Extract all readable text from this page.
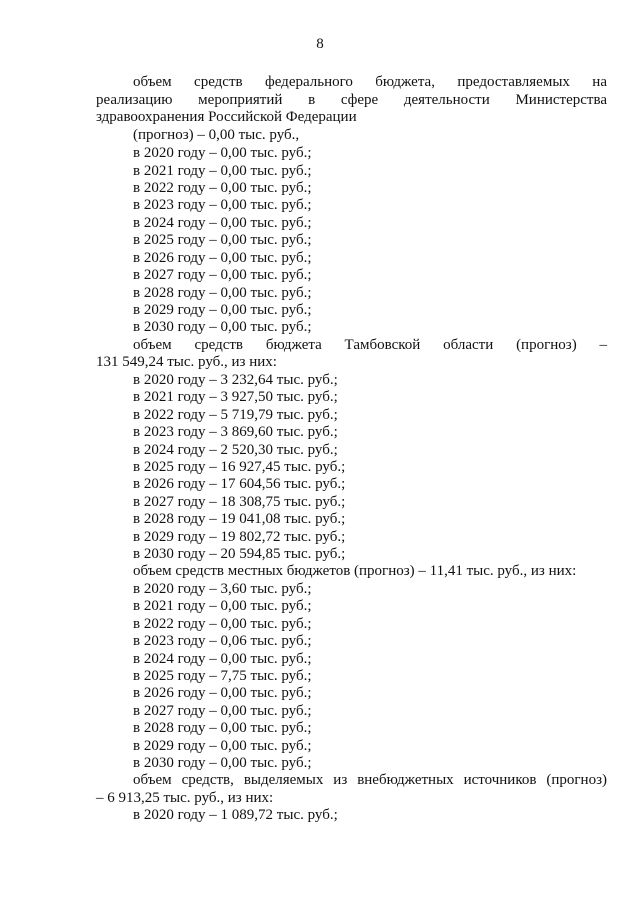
8
объем средств федерального бюджета, предоставляемых на
реализацию мероприятий в сфере деятельности Министерства
здравоохранения Российской Федерации
(прогноз) – 0,00 тыс. руб.,
в 2020 году – 0,00 тыс. руб.;
в 2021 году – 0,00 тыс. руб.;
в 2022 году – 0,00 тыс. руб.;
в 2023 году – 0,00 тыс. руб.;
в 2024 году – 0,00 тыс. руб.;
в 2025 году – 0,00 тыс. руб.;
в 2026 году – 0,00 тыс. руб.;
в 2027 году – 0,00 тыс. руб.;
в 2028 году – 0,00 тыс. руб.;
в 2029 году – 0,00 тыс. руб.;
в 2030 году – 0,00 тыс. руб.;
объем средств бюджета Тамбовской области (прогноз) –
131 549,24 тыс. руб., из них:
в 2020 году – 3 232,64 тыс. руб.;
в 2021 году – 3 927,50 тыс. руб.;
в 2022 году – 5 719,79 тыс. руб.;
в 2023 году – 3 869,60 тыс. руб.;
в 2024 году – 2 520,30 тыс. руб.;
в 2025 году – 16 927,45 тыс. руб.;
в 2026 году – 17 604,56 тыс. руб.;
в 2027 году – 18 308,75 тыс. руб.;
в 2028 году – 19 041,08 тыс. руб.;
в 2029 году – 19 802,72 тыс. руб.;
в 2030 году – 20 594,85 тыс. руб.;
объем средств местных бюджетов (прогноз) – 11,41 тыс. руб., из них:
в 2020 году – 3,60 тыс. руб.;
в 2021 году – 0,00 тыс. руб.;
в 2022 году – 0,00 тыс. руб.;
в 2023 году – 0,06 тыс. руб.;
в 2024 году – 0,00 тыс. руб.;
в 2025 году – 7,75 тыс. руб.;
в 2026 году – 0,00 тыс. руб.;
в 2027 году – 0,00 тыс. руб.;
в 2028 году – 0,00 тыс. руб.;
в 2029 году – 0,00 тыс. руб.;
в 2030 году – 0,00 тыс. руб.;
объем средств, выделяемых из внебюджетных источников (прогноз)
– 6 913,25 тыс. руб., из них:
в 2020 году – 1 089,72 тыс. руб.;
